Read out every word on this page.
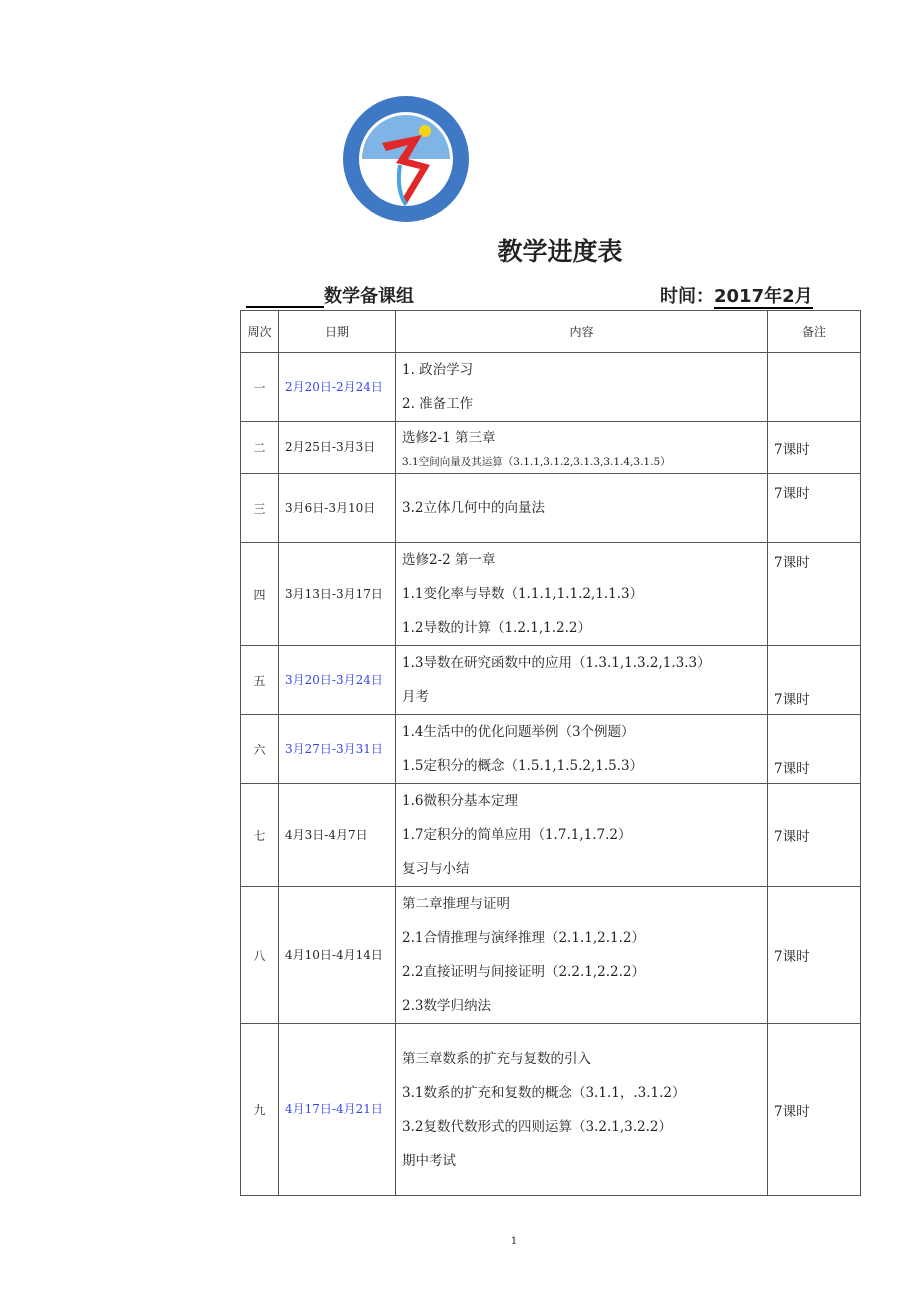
教学进度表
数学备课组	时间：2017年2月
周次	日期	内容	备注
一	2月20日-2月24日	1. 政治学习
2. 准备工作	

二	2月25日-3月3日	选修2-1 第三章
3.1空间向量及其运算（3.1.1,3.1.2,3.1.3,3.1.4,3.1.5）	7课时
三	3月6日-3月10日	3.2立体几何中的向量法	7课时
四	3月13日-3月17日	选修2-2 第一章
1.1变化率与导数（1.1.1,1.1.2,1.1.3）
1.2导数的计算（1.2.1,1.2.2）	7课时
五	3月20日-3月24日	1.3导数在研究函数中的应用（1.3.1,1.3.2,1.3.3）
月考	7课时
六	3月27日-3月31日	1.4生活中的优化问题举例（3个例题）
1.5定积分的概念（1.5.1,1.5.2,1.5.3）	7课时
七	4月3日-4月7日	1.6微积分基本定理
1.7定积分的简单应用（1.7.1,1.7.2）
复习与小结	7课时
八	4月10日-4月14日	第二章推理与证明
2.1合情推理与演绎推理（2.1.1,2.1.2）
2.2直接证明与间接证明（2.2.1,2.2.2）
2.3数学归纳法	7课时
九	4月17日-4月21日	第三章数系的扩充与复数的引入
3.1数系的扩充和复数的概念（3.1.1，.3.1.2）
3.2复数代数形式的四则运算（3.2.1,3.2.2）
期中考试	7课时
1
